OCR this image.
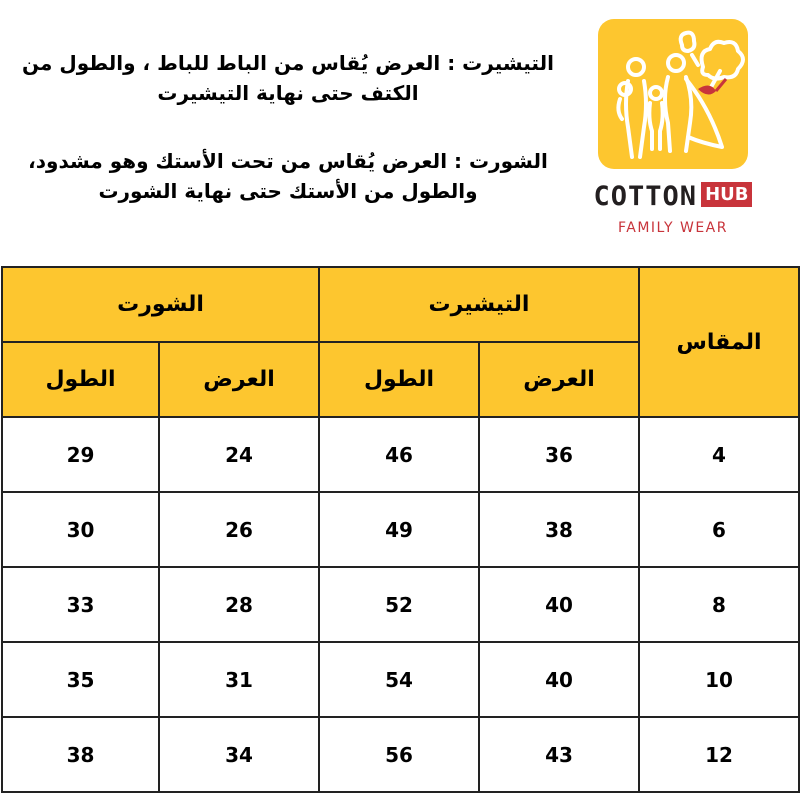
التيشيرت : العرض يُقاس من الباط للباط ، والطول من
الكتف حتى نهاية التيشيرت
الشورت : العرض يُقاس من تحت الأستك وهو مشدود،
والطول من الأستك حتى نهاية الشورت	COTTON HUB
FAMILY WEAR
المقاس	التيشيرت		الشورت	
	العرض	الطول	العرض	الطول
4	36	46	24	29
6	38	49	26	30
8	40	52	28	33
10	40	54	31	35
12	43	56	34	38
